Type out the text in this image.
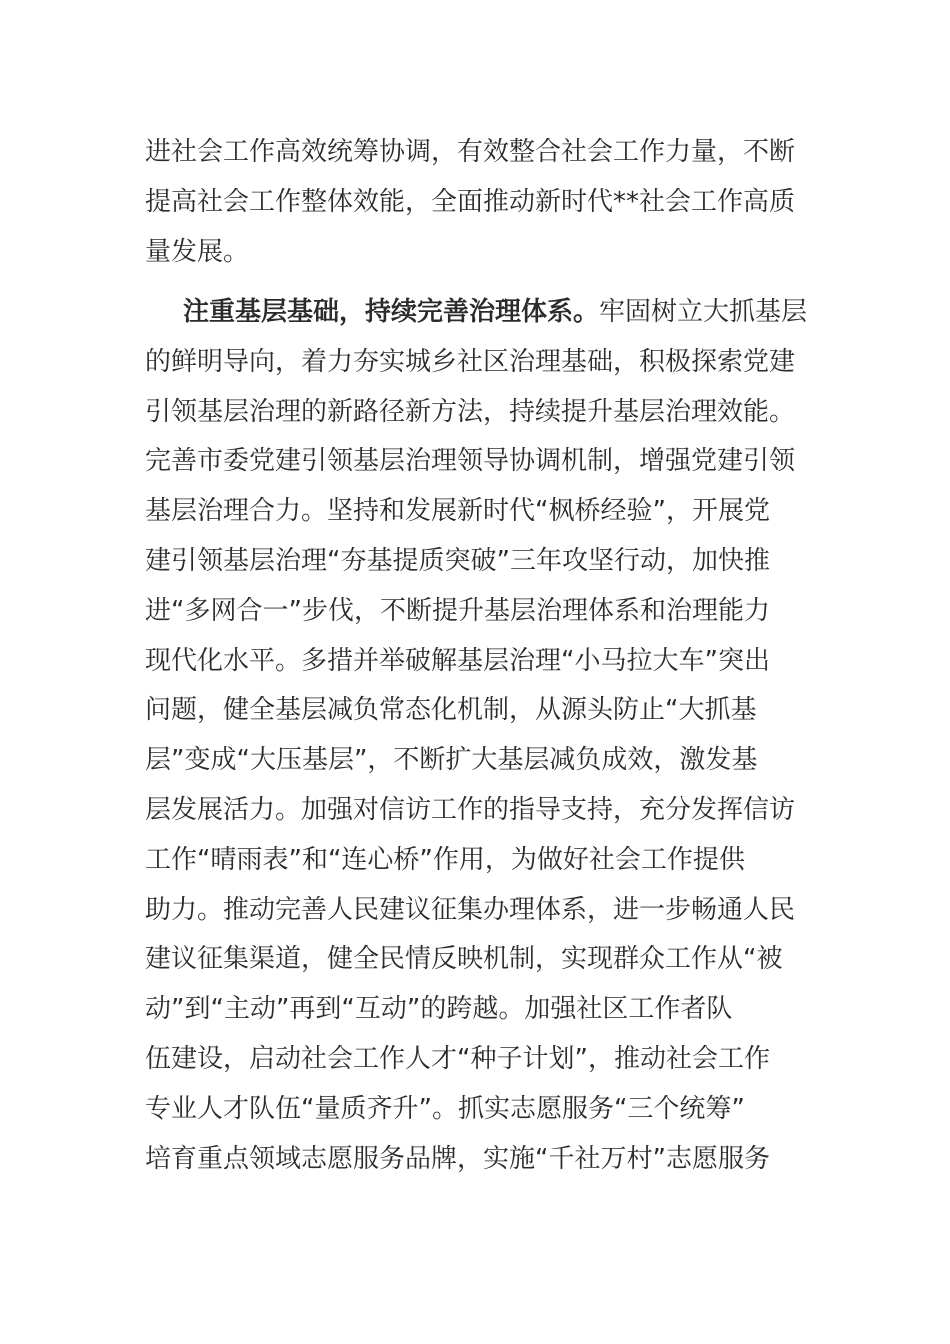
进社会工作高效统筹协调，有效整合社会工作力量，不断
提高社会工作整体效能，全面推动新时代**社会工作高质
量发展。
注重基层基础，持续完善治理体系。牢固树立大抓基层
的鲜明导向，着力夯实城乡社区治理基础，积极探索党建
引领基层治理的新路径新方法，持续提升基层治理效能。
完善市委党建引领基层治理领导协调机制，增强党建引领
基层治理合力。坚持和发展新时代“枫桥经验”，开展党
建引领基层治理“夯基提质突破”三年攻坚行动，加快推
进“多网合一”步伐，不断提升基层治理体系和治理能力
现代化水平。多措并举破解基层治理“小马拉大车”突出
问题，健全基层减负常态化机制，从源头防止“大抓基
层”变成“大压基层”，不断扩大基层减负成效，激发基
层发展活力。加强对信访工作的指导支持，充分发挥信访
工作“晴雨表”和“连心桥”作用，为做好社会工作提供
助力。推动完善人民建议征集办理体系，进一步畅通人民
建议征集渠道，健全民情反映机制，实现群众工作从“被
动”到“主动”再到“互动”的跨越。加强社区工作者队
伍建设，启动社会工作人才“种子计划”，推动社会工作
专业人才队伍“量质齐升”。抓实志愿服务“三个统筹”
培育重点领域志愿服务品牌，实施“千社万村”志愿服务
